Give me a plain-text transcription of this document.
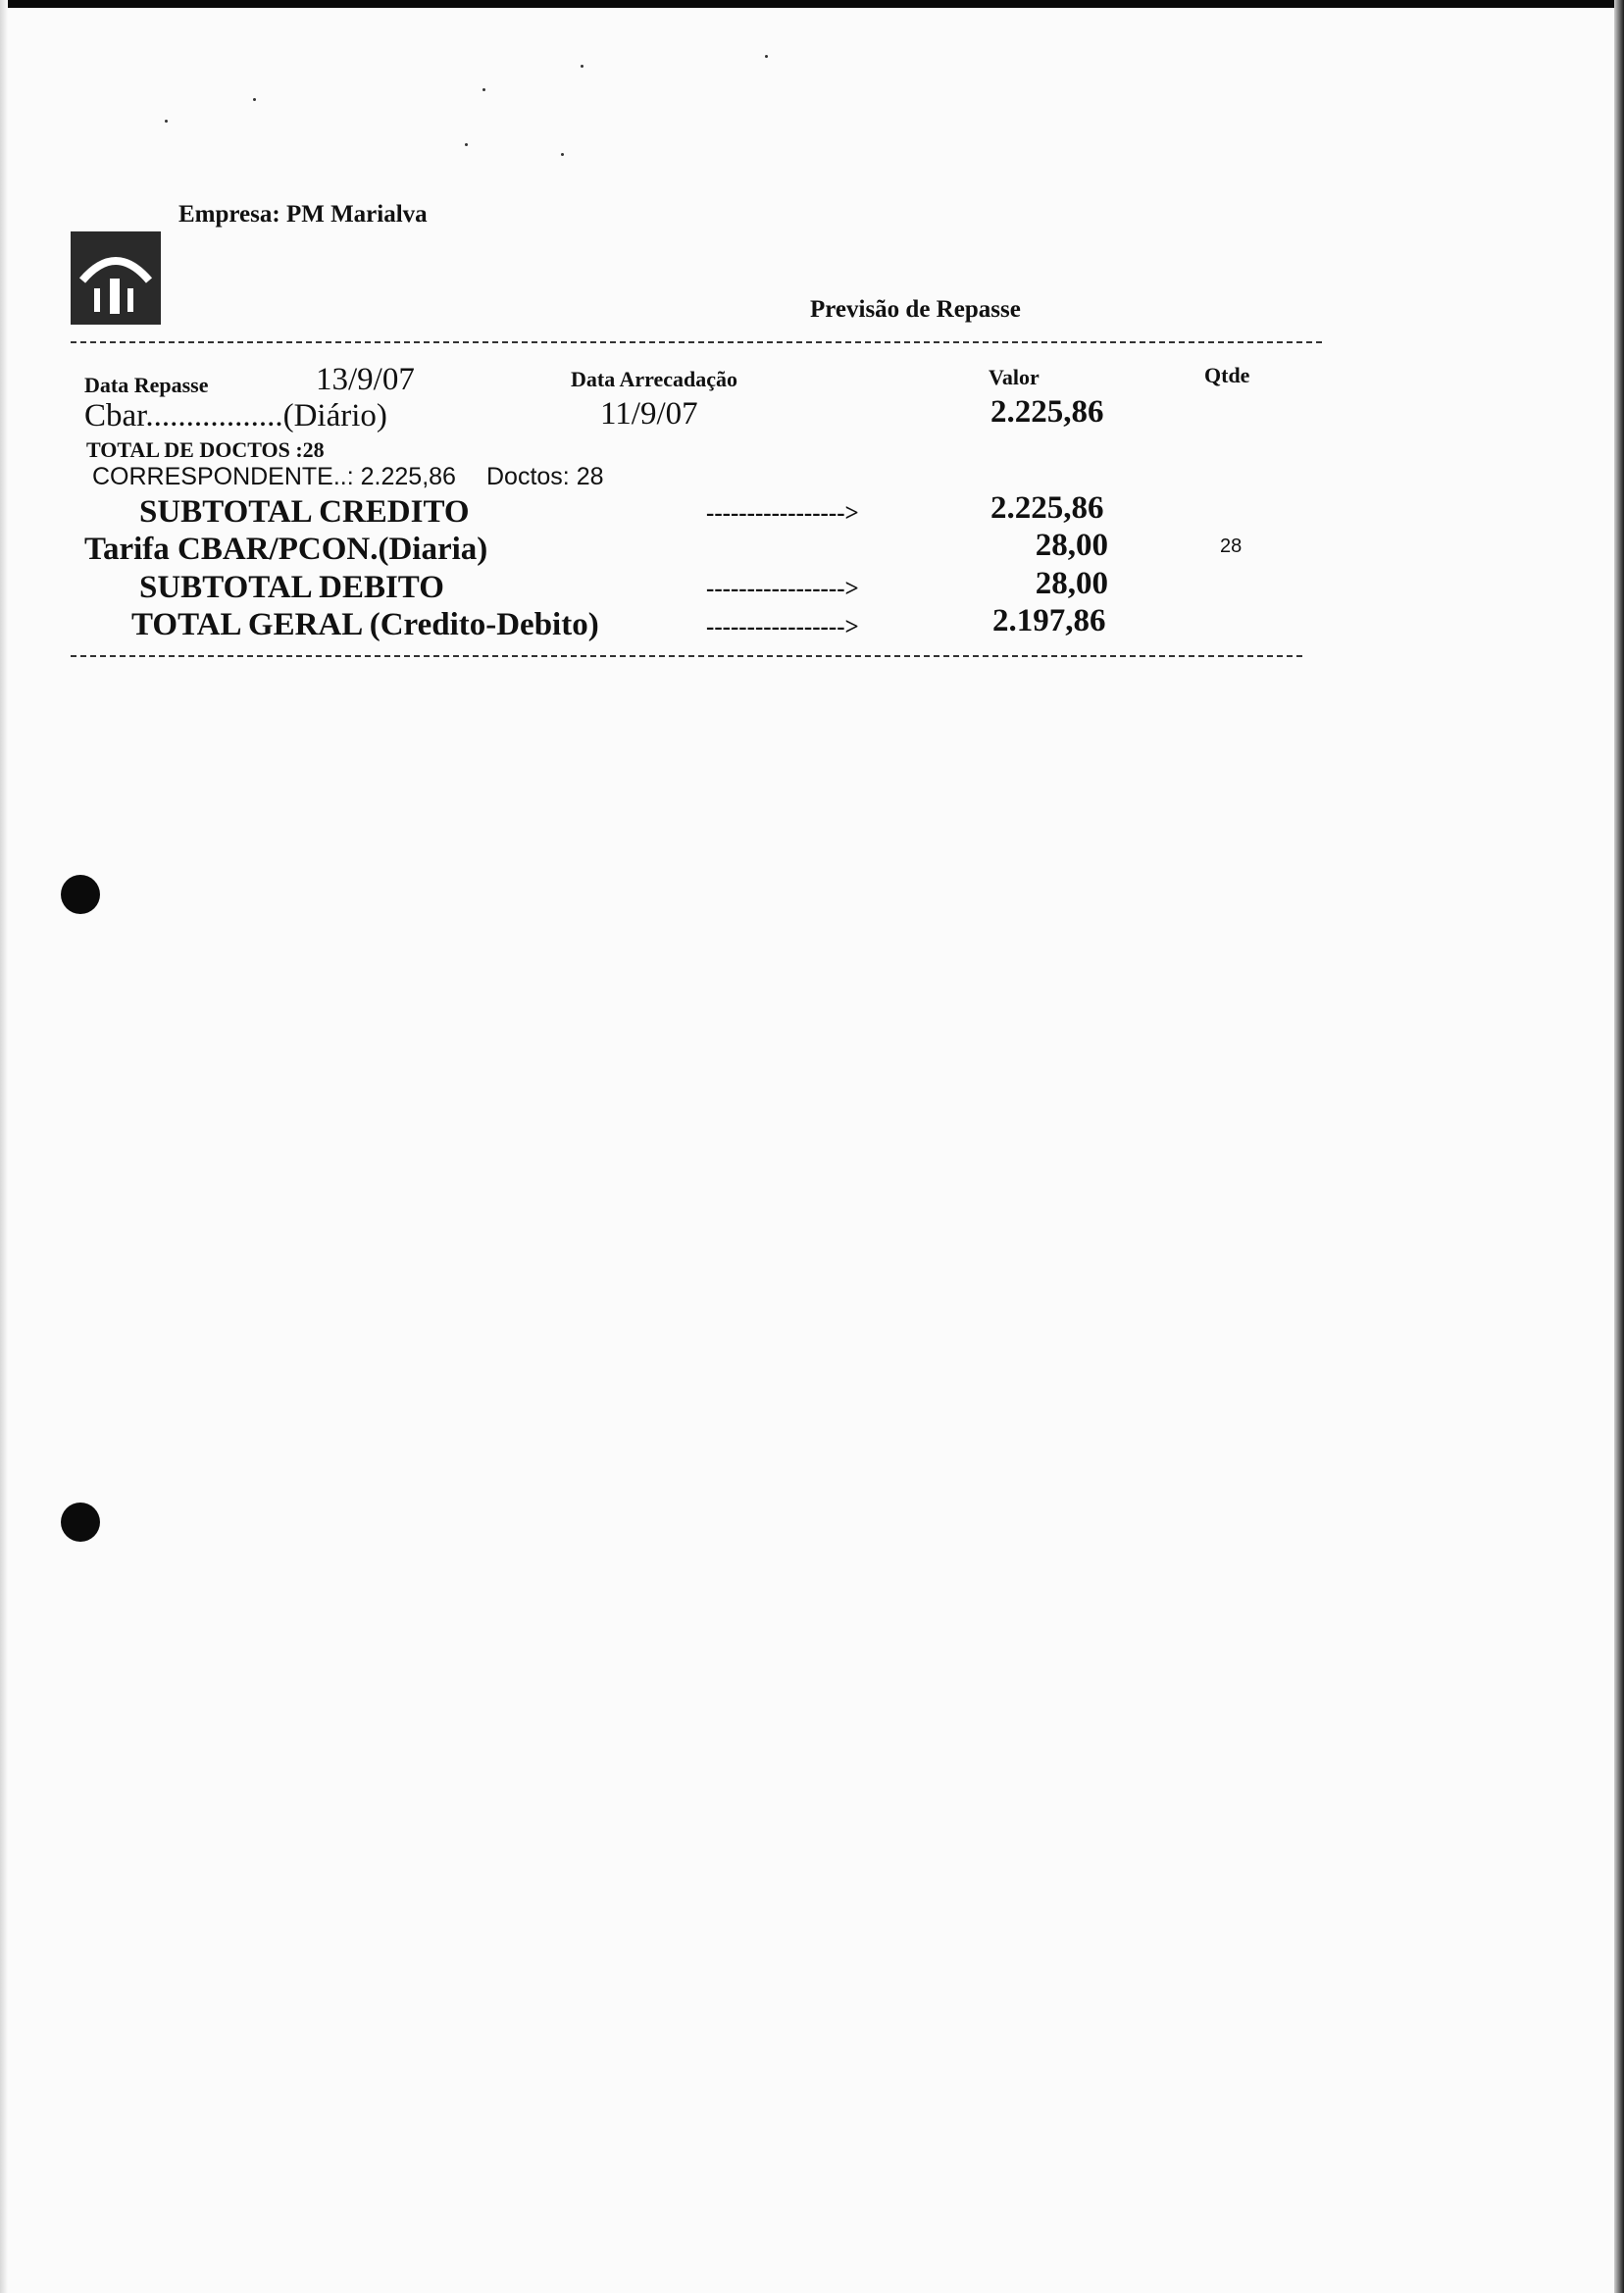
Empresa: PM Marialva
Previsão de Repasse
Data Repasse	13/9/07	Data Arrecadação	Valor	Qtde
Cbar.................(Diário)	11/9/07	2.225,86
TOTAL DE DOCTOS :28
CORRESPONDENTE..: 2.225,86 Doctos: 28
SUBTOTAL CREDITO	----------------->	2.225,86
Tarifa CBAR/PCON.(Diaria)	28,00	28
SUBTOTAL DEBITO	----------------->	28,00
TOTAL GERAL (Credito-Debito)	----------------->	2.197,86
